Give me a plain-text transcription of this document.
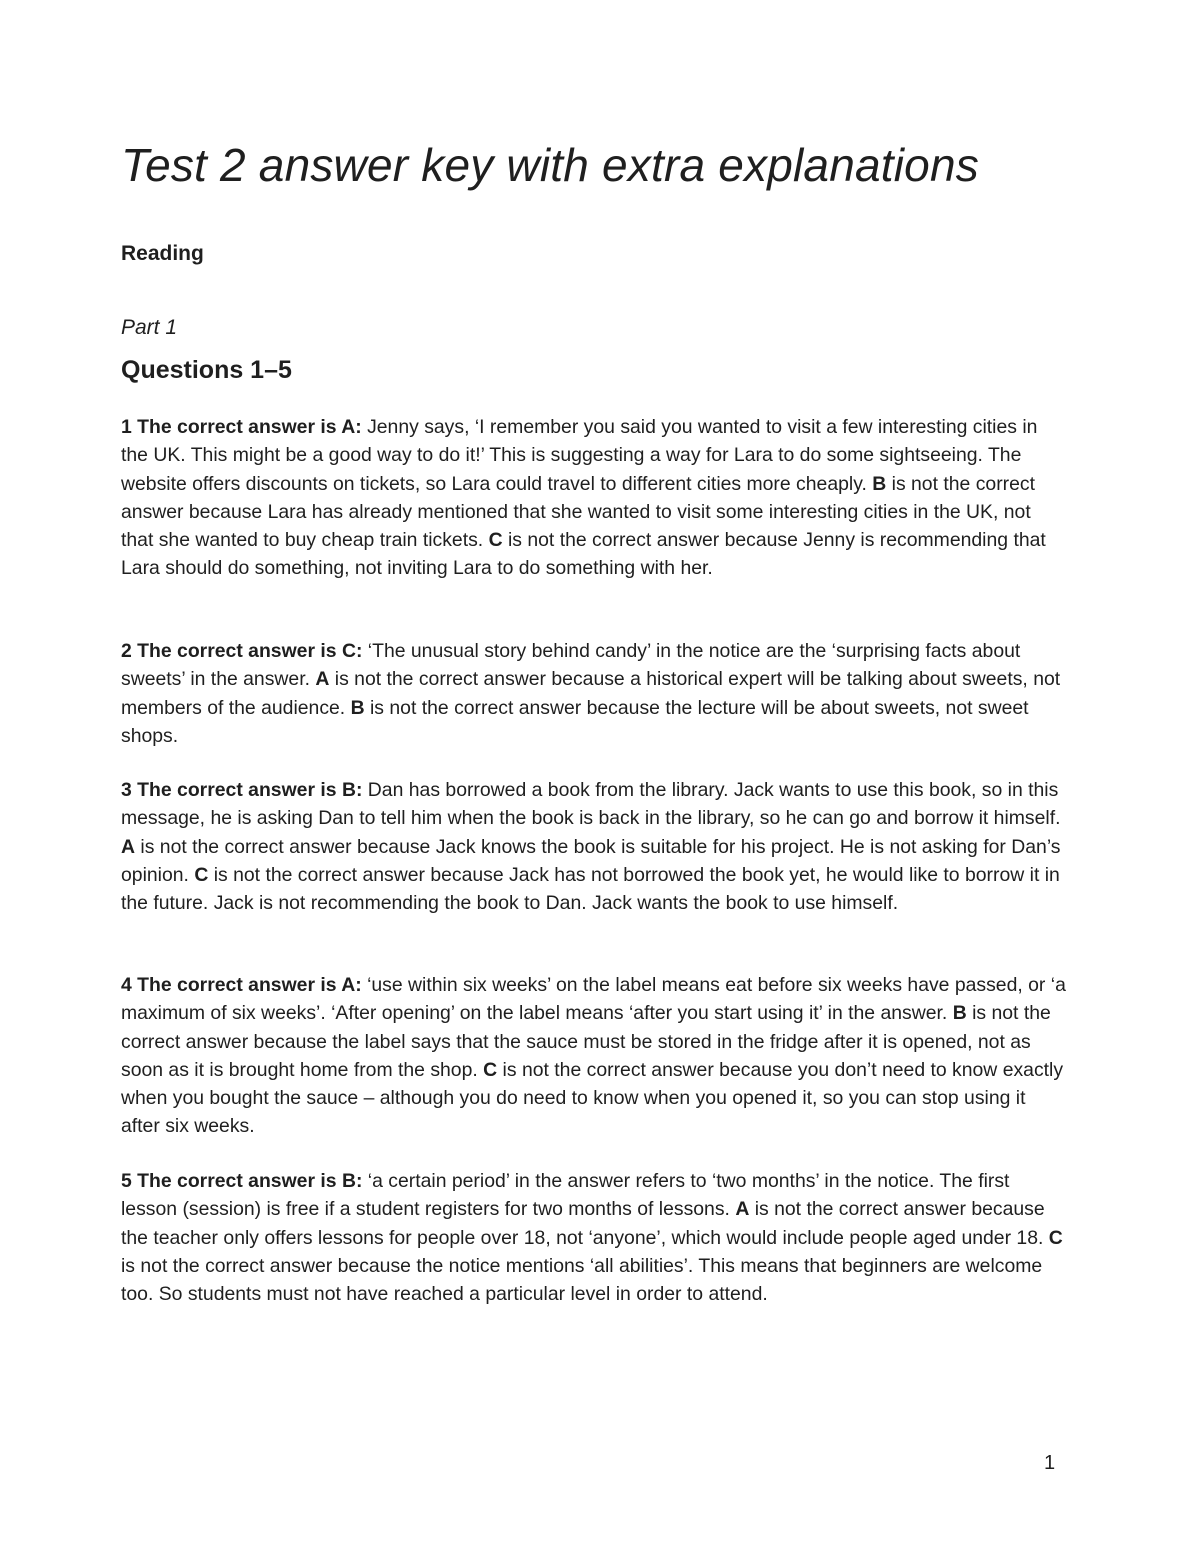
Test 2 answer key with extra explanations
Reading

Part 1

Questions 1–5

1 The correct answer is A: Jenny says, ‘I remember you said you wanted to visit a few interesting cities in the UK. This might be a good way to do it!’ This is suggesting a way for Lara to do some sightseeing. The website offers discounts on tickets, so Lara could travel to different cities more cheaply. B is not the correct answer because Lara has already mentioned that she wanted to visit some interesting cities in the UK, not that she wanted to buy cheap train tickets. C is not the correct answer because Jenny is recommending that Lara should do something, not inviting Lara to do something with her.

2 The correct answer is C: ‘The unusual story behind candy’ in the notice are the ‘surprising facts about sweets’ in the answer. A is not the correct answer because a historical expert will be talking about sweets, not members of the audience. B is not the correct answer because the lecture will be about sweets, not sweet shops.

3 The correct answer is B: Dan has borrowed a book from the library. Jack wants to use this book, so in this message, he is asking Dan to tell him when the book is back in the library, so he can go and borrow it himself. A is not the correct answer because Jack knows the book is suitable for his project. He is not asking for Dan’s opinion. C is not the correct answer because Jack has not borrowed the book yet, he would like to borrow it in the future. Jack is not recommending the book to Dan. Jack wants the book to use himself.

4 The correct answer is A: ‘use within six weeks’ on the label means eat before six weeks have passed, or ‘a maximum of six weeks’. ‘After opening’ on the label means ‘after you start using it’ in the answer. B is not the correct answer because the label says that the sauce must be stored in the fridge after it is opened, not as soon as it is brought home from the shop. C is not the correct answer because you don’t need to know exactly when you bought the sauce – although you do need to know when you opened it, so you can stop using it after six weeks.

5 The correct answer is B: ‘a certain period’ in the answer refers to ‘two months’ in the notice. The first lesson (session) is free if a student registers for two months of lessons. A is not the correct answer because the teacher only offers lessons for people over 18, not ‘anyone’, which would include people aged under 18. C is not the correct answer because the notice mentions ‘all abilities’. This means that beginners are welcome too. So students must not have reached a particular level in order to attend.

1
